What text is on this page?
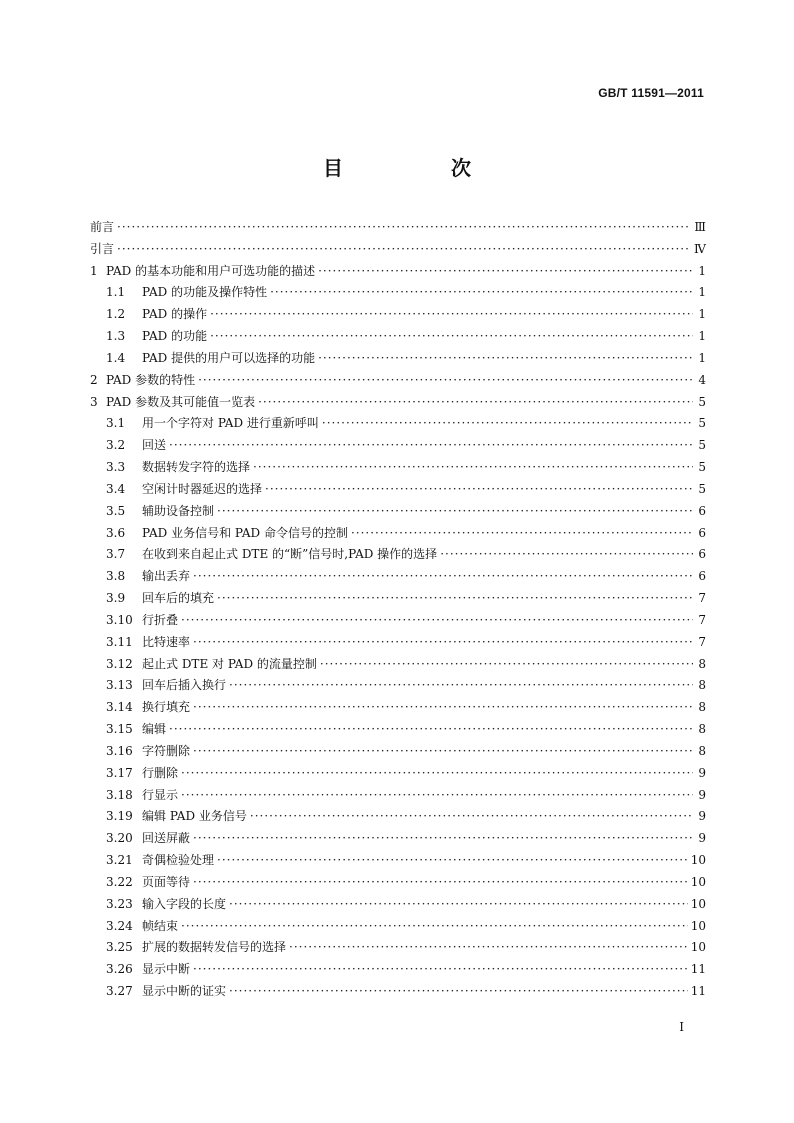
GB/T 11591—2011
目　次
前言 ·····	Ⅲ
引言 ·····	Ⅳ
1 PAD 的基本功能和用户可选功能的描述 ·····	1
1.1	PAD 的功能及操作特性 ·····	1
1.2	PAD 的操作 ·····	1
1.3	PAD 的功能 ·····	1
1.4	PAD 提供的用户可以选择的功能 ·····	1
2 PAD 参数的特性 ·····	4
3 PAD 参数及其可能值一览表 ·····	5
3.1	用一个字符对 PAD 进行重新呼叫 ·····	5
3.2	回送 ·····	5
3.3	数据转发字符的选择 ·····	5
3.4	空闲计时器延迟的选择 ·····	5
3.5	辅助设备控制 ·····	6
3.6	PAD 业务信号和 PAD 命令信号的控制 ·····	6
3.7	在收到来自起止式 DTE 的“断”信号时,PAD 操作的选择 ·····	6
3.8	输出丢弃 ·····	6
3.9	回车后的填充 ·····	7
3.10 行折叠 ·····	7
3.11 比特速率 ·····	7
3.12 起止式 DTE 对 PAD 的流量控制 ·····	8
3.13 回车后插入换行 ·····	8
3.14 换行填充 ·····	8
3.15 编辑 ·····	8
3.16 字符删除 ·····	8
3.17 行删除 ·····	9
3.18 行显示 ·····	9
3.19 编辑 PAD 业务信号 ·····	9
3.20 回送屏蔽 ·····	9
3.21 奇偶检验处理 ·····	10
3.22 页面等待 ·····	10
3.23 输入字段的长度 ·····	10
3.24 帧结束 ·····	10
3.25 扩展的数据转发信号的选择 ·····	10
3.26 显示中断 ·····	11
3.27 显示中断的证实 ·····	11
I
